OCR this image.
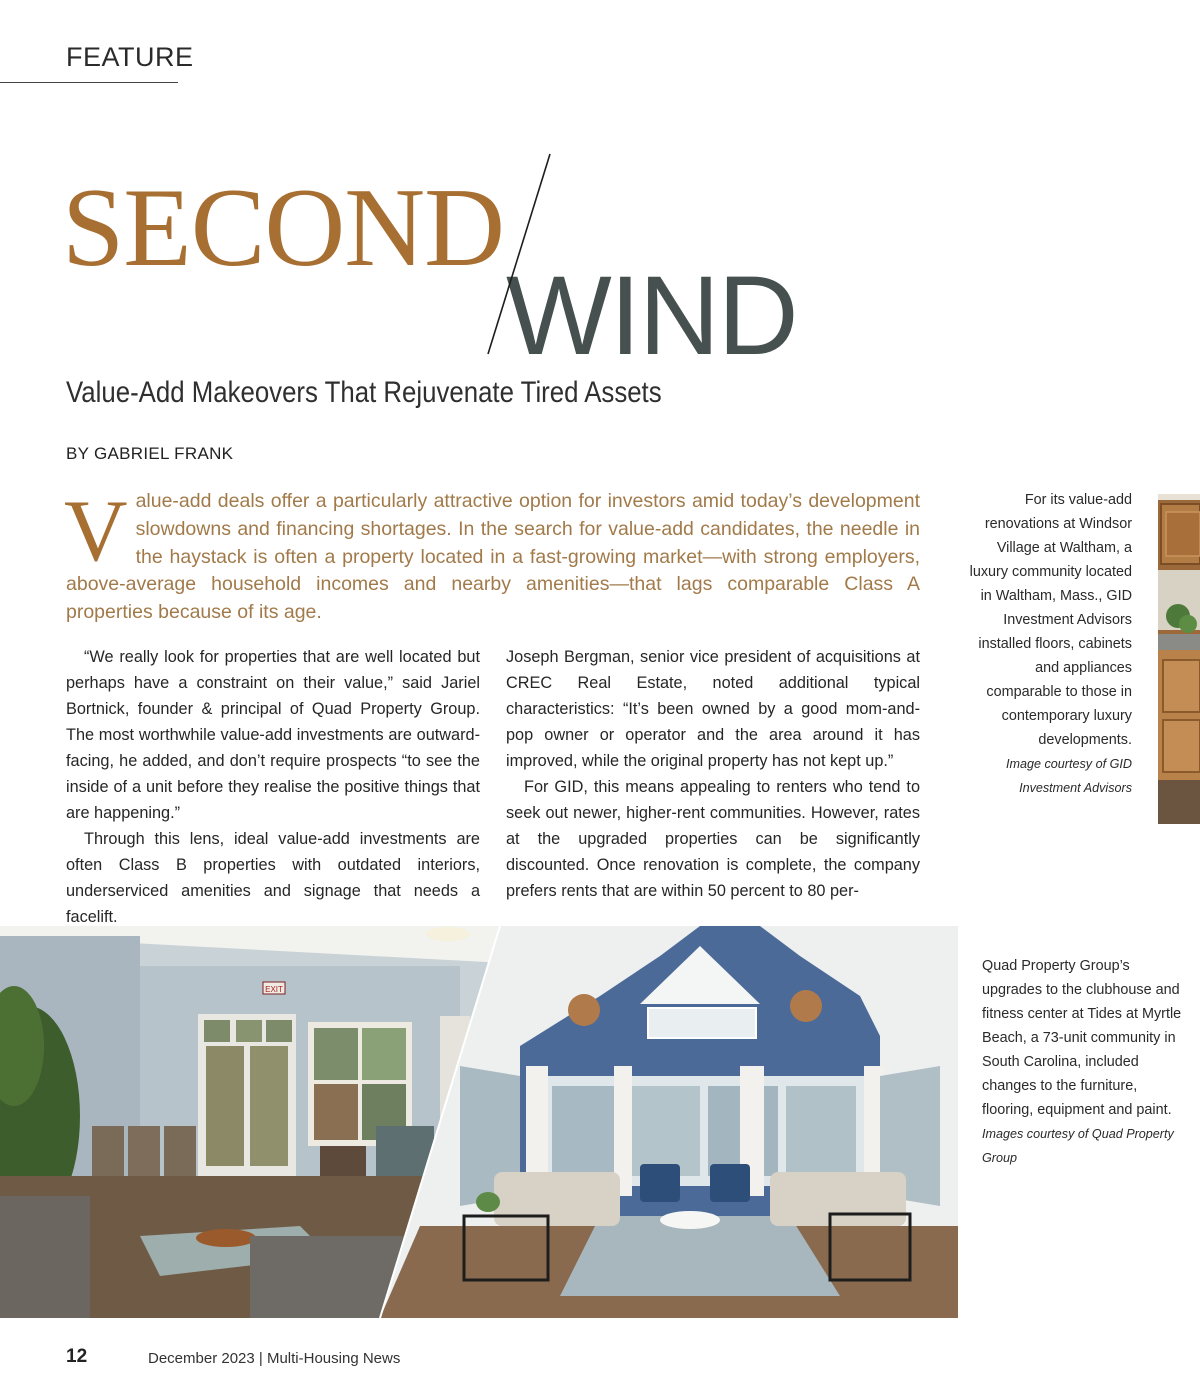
FEATURE
SECOND
WIND
Value-Add Makeovers That Rejuvenate Tired Assets
BY GABRIEL FRANK
V alue-add deals offer a particularly attractive option for investors amid today’s development slowdowns and financing shortages. In the search for value-add candidates, the needle in the haystack is often a property located in a fast-growing market—with strong employers, above-average household incomes and nearby amenities—that lags comparable Class A properties because of its age.

“We really look for properties that are well located but perhaps have a constraint on their value,” said Jariel Bortnick, founder & principal of Quad Property Group. The most worthwhile value-add investments are outward-facing, he added, and don’t require prospects “to see the inside of a unit before they realise the positive things that are happening.”

Through this lens, ideal value-add investments are often Class B properties with outdated interiors, underserviced amenities and signage that needs a facelift.

Joseph Bergman, senior vice president of acquisitions at CREC Real Estate, noted additional typical characteristics: “It’s been owned by a good mom-and-pop owner or operator and the area around it has improved, while the original property has not kept up.”

For GID, this means appealing to renters who tend to seek out newer, higher-rent communities. However, rates at the upgraded properties can be significantly discounted. Once renovation is complete, the company prefers rents that are within 50 percent to 80 per-

For its value-add renovations at Windsor Village at Waltham, a luxury community located in Waltham, Mass., GID Investment Advisors installed floors, cabinets and appliances comparable to those in contemporary luxury developments.
Image courtesy of GID Investment Advisors
EXIT
Quad Property Group’s upgrades to the clubhouse and fitness center at Tides at Myrtle Beach, a 73-unit community in South Carolina, included changes to the furniture, flooring, equipment and paint. Images courtesy of Quad Property Group
12	December 2023 | Multi-Housing News
